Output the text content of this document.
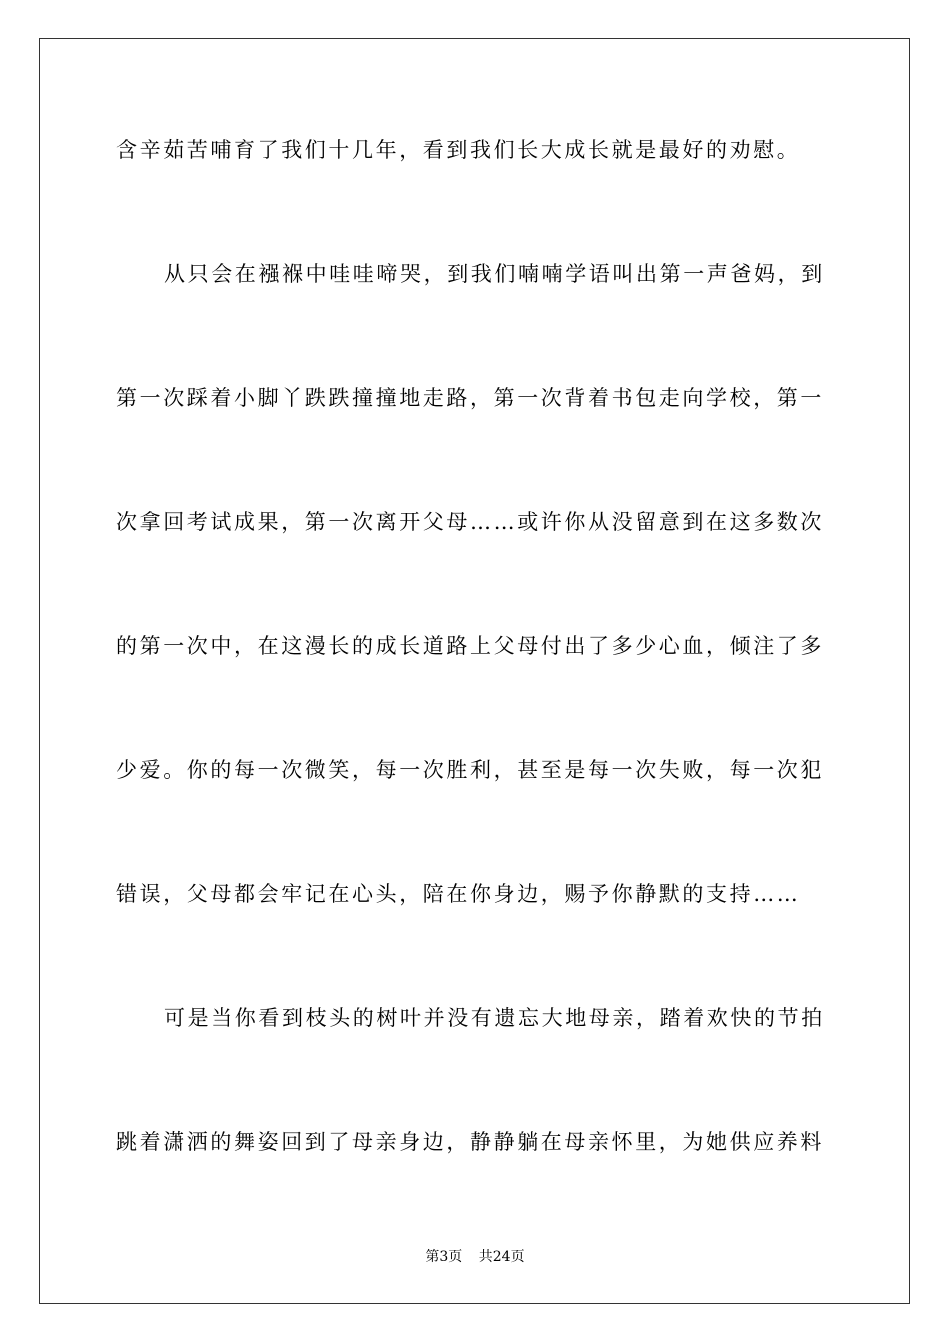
含辛茹苦哺育了我们十几年，看到我们长大成长就是最好的劝慰。
从只会在襁褓中哇哇啼哭，到我们喃喃学语叫出第一声爸妈，到
第一次踩着小脚丫跌跌撞撞地走路，第一次背着书包走向学校，第一
次拿回考试成果，第一次离开父母……或许你从没留意到在这多数次
的第一次中，在这漫长的成长道路上父母付出了多少心血，倾注了多
少爱。你的每一次微笑，每一次胜利，甚至是每一次失败，每一次犯
错误，父母都会牢记在心头，陪在你身边，赐予你静默的支持……
可是当你看到枝头的树叶并没有遗忘大地母亲，踏着欢快的节拍
跳着潇洒的舞姿回到了母亲身边，静静躺在母亲怀里，为她供应养料
第3页 共24页
